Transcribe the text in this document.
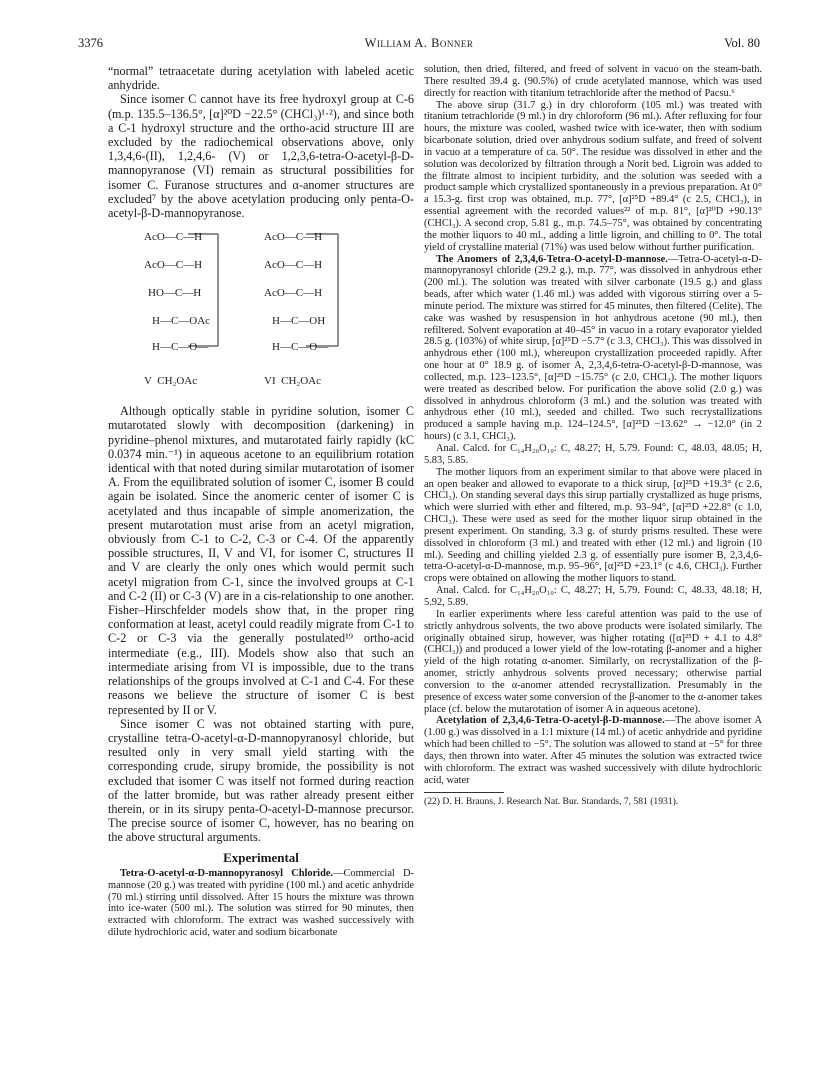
3376	William A. Bonner	Vol. 80

“normal” tetraacetate during acetylation with labeled acetic anhydride.

Since isomer C cannot have its free hydroxyl group at C-6 (m.p. 135.5–136.5°, [α]²⁰D −22.5° (CHCl₃)¹·²), and since both a C-1 hydroxyl structure and the ortho-acid structure III are excluded by the radiochemical observations above, only 1,3,4,6-(II), 1,2,4,6- (V) or 1,2,3,6-tetra-O-acetyl-β-D-mannopyranose (VI) remain as structural possibilities for isomer C. Furanose structures and α-anomer structures are excluded⁷ by the above acetylation producing only penta-O-acetyl-β-D-mannopyranose.

AcO—C—H
AcO—C—H
HO—C—H
H—C—OAc
H—C—O—
V  CH₂OAc
AcO—C—H
AcO—C—H
AcO—C—H
H—C—OH
H—C—O—
VI  CH₂OAc

Although optically stable in pyridine solution, isomer C mutarotated slowly with decomposition (darkening) in pyridine–phenol mixtures, and mutarotated fairly rapidly (kC 0.0374 min.⁻¹) in aqueous acetone to an equilibrium rotation identical with that noted during similar mutarotation of isomer A. From the equilibrated solution of isomer C, isomer B could again be isolated. Since the anomeric center of isomer C is acetylated and thus incapable of simple anomerization, the present mutarotation must arise from an acetyl migration, obviously from C-1 to C-2, C-3 or C-4. Of the apparently possible structures, II, V and VI, for isomer C, structures II and V are clearly the only ones which would permit such acetyl migration from C-1, since the involved groups at C-1 and C-2 (II) or C-3 (V) are in a cis-relationship to one another. Fisher–Hirschfelder models show that, in the proper ring conformation at least, acetyl could readily migrate from C-1 to C-2 or C-3 via the generally postulated¹⁹ ortho-acid intermediate (e.g., III). Models show also that such an intermediate arising from VI is impossible, due to the trans relationships of the groups involved at C-1 and C-4. For these reasons we believe the structure of isomer C is best represented by II or V.

Since isomer C was not obtained starting with pure, crystalline tetra-O-acetyl-α-D-mannopyranosyl chloride, but resulted only in very small yield starting with the corresponding crude, sirupy bromide, the possibility is not excluded that isomer C was itself not formed during reaction of the latter bromide, but was rather already present either therein, or in its sirupy penta-O-acetyl-D-mannose precursor. The precise source of isomer C, however, has no bearing on the above structural arguments.

Experimental

Tetra-O-acetyl-α-D-mannopyranosyl Chloride.—Commercial D-mannose (20 g.) was treated with pyridine (100 ml.) and acetic anhydride (70 ml.) stirring until dissolved. After 15 hours the mixture was thrown into ice-water (500 ml.). The solution was stirred for 90 minutes, then extracted with chloroform. The extract was washed successively with dilute hydrochloric acid, water and sodium bicarbonate

solution, then dried, filtered, and freed of solvent in vacuo on the steam-bath. There resulted 39.4 g. (90.5%) of crude acetylated mannose, which was used directly for reaction with titanium tetrachloride after the method of Pacsu.⁶

The above sirup (31.7 g.) in dry chloroform (105 ml.) was treated with titanium tetrachloride (9 ml.) in dry chloroform (96 ml.). After refluxing for four hours, the mixture was cooled, washed twice with ice-water, then with sodium bicarbonate solution, dried over anhydrous sodium sulfate, and freed of solvent in vacuo at a temperature of ca. 50°. The residue was dissolved in ether and the solution was decolorized by filtration through a Norit bed. Ligroin was added to the filtrate almost to incipient turbidity, and the solution was seeded with a product sample which crystallized spontaneously in a previous preparation. At 0° a 15.3-g. first crop was obtained, m.p. 77°, [α]²⁵D +89.4° (c 2.5, CHCl₃), in essential agreement with the recorded values²² of m.p. 81°, [α]²⁰D +90.13° (CHCl₃). A second crop, 5.81 g., m.p. 74.5–75°, was obtained by concentrating the mother liquors to 40 ml., adding a little ligroin, and chilling to 0°. The total yield of crystalline material (71%) was used below without further purification.

The Anomers of 2,3,4,6-Tetra-O-acetyl-D-mannose.—Tetra-O-acetyl-α-D-mannopyranosyl chloride (29.2 g.), m.p. 77°, was dissolved in anhydrous ether (200 ml.). The solution was treated with silver carbonate (19.5 g.) and glass beads, after which water (1.46 ml.) was added with vigorous stirring over a 5-minute period. The mixture was stirred for 45 minutes, then filtered (Celite). The cake was washed by resuspension in hot anhydrous acetone (90 ml.), then refiltered. Solvent evaporation at 40–45° in vacuo in a rotary evaporator yielded 28.5 g. (103%) of white sirup, [α]²⁵D −5.7° (c 3.3, CHCl₃). This was dissolved in anhydrous ether (100 ml.), whereupon crystallization proceeded rapidly. After one hour at 0° 18.9 g. of isomer A, 2,3,4,6-tetra-O-acetyl-β-D-mannose, was collected, m.p. 123–123.5°, [α]²⁵D −15.75° (c 2.0, CHCl₃). The mother liquors were treated as described below. For purification the above solid (2.0 g.) was dissolved in anhydrous chloroform (3 ml.) and the solution was treated with anhydrous ether (10 ml.), seeded and chilled. Two such recrystallizations produced a sample having m.p. 124–124.5°, [α]²⁵D −13.62° → −12.0° (in 2 hours) (c 3.1, CHCl₃).

Anal. Calcd. for C₁₄H₂₀O₁₀: C, 48.27; H, 5.79. Found: C, 48.03, 48.05; H, 5.83, 5.85.

The mother liquors from an experiment similar to that above were placed in an open beaker and allowed to evaporate to a thick sirup, [α]²⁵D +19.3° (c 2.6, CHCl₃). On standing several days this sirup partially crystallized as huge prisms, which were slurried with ether and filtered, m.p. 93–94°, [α]²⁵D +22.8° (c 1.0, CHCl₃). These were used as seed for the mother liquor sirup obtained in the present experiment. On standing, 3.3 g. of sturdy prisms resulted. These were dissolved in chloroform (3 ml.) and treated with ether (12 ml.) and ligroin (10 ml.). Seeding and chilling yielded 2.3 g. of essentially pure isomer B, 2,3,4,6-tetra-O-acetyl-α-D-mannose, m.p. 95–96°, [α]²⁵D +23.1° (c 4.6, CHCl₃). Further crops were obtained on allowing the mother liquors to stand.

Anal. Calcd. for C₁₄H₂₀O₁₀: C, 48.27; H, 5.79. Found: C, 48.33, 48.18; H, 5.92, 5.89.

In earlier experiments where less careful attention was paid to the use of strictly anhydrous solvents, the two above products were isolated similarly. The originally obtained sirup, however, was higher rotating ([α]²⁵D + 4.1 to 4.8° (CHCl₃)) and produced a lower yield of the low-rotating β-anomer and a higher yield of the high rotating α-anomer. Similarly, on recrystallization of the β-anomer, strictly anhydrous solvents proved necessary; otherwise partial conversion to the α-anomer attended recrystallization. Presumably in the presence of excess water some conversion of the β-anomer to the α-anomer takes place (cf. below the mutarotation of isomer A in aqueous acetone).

Acetylation of 2,3,4,6-Tetra-O-acetyl-β-D-mannose.—The above isomer A (1.00 g.) was dissolved in a 1:1 mixture (14 ml.) of acetic anhydride and pyridine which had been chilled to −5°. The solution was allowed to stand at −5° for three days, then thrown into water. After 45 minutes the solution was extracted twice with chloroform. The extract was washed successively with dilute hydrochloric acid, water

(22) D. H. Brauns, J. Research Nat. Bur. Standards, 7, 581 (1931).
